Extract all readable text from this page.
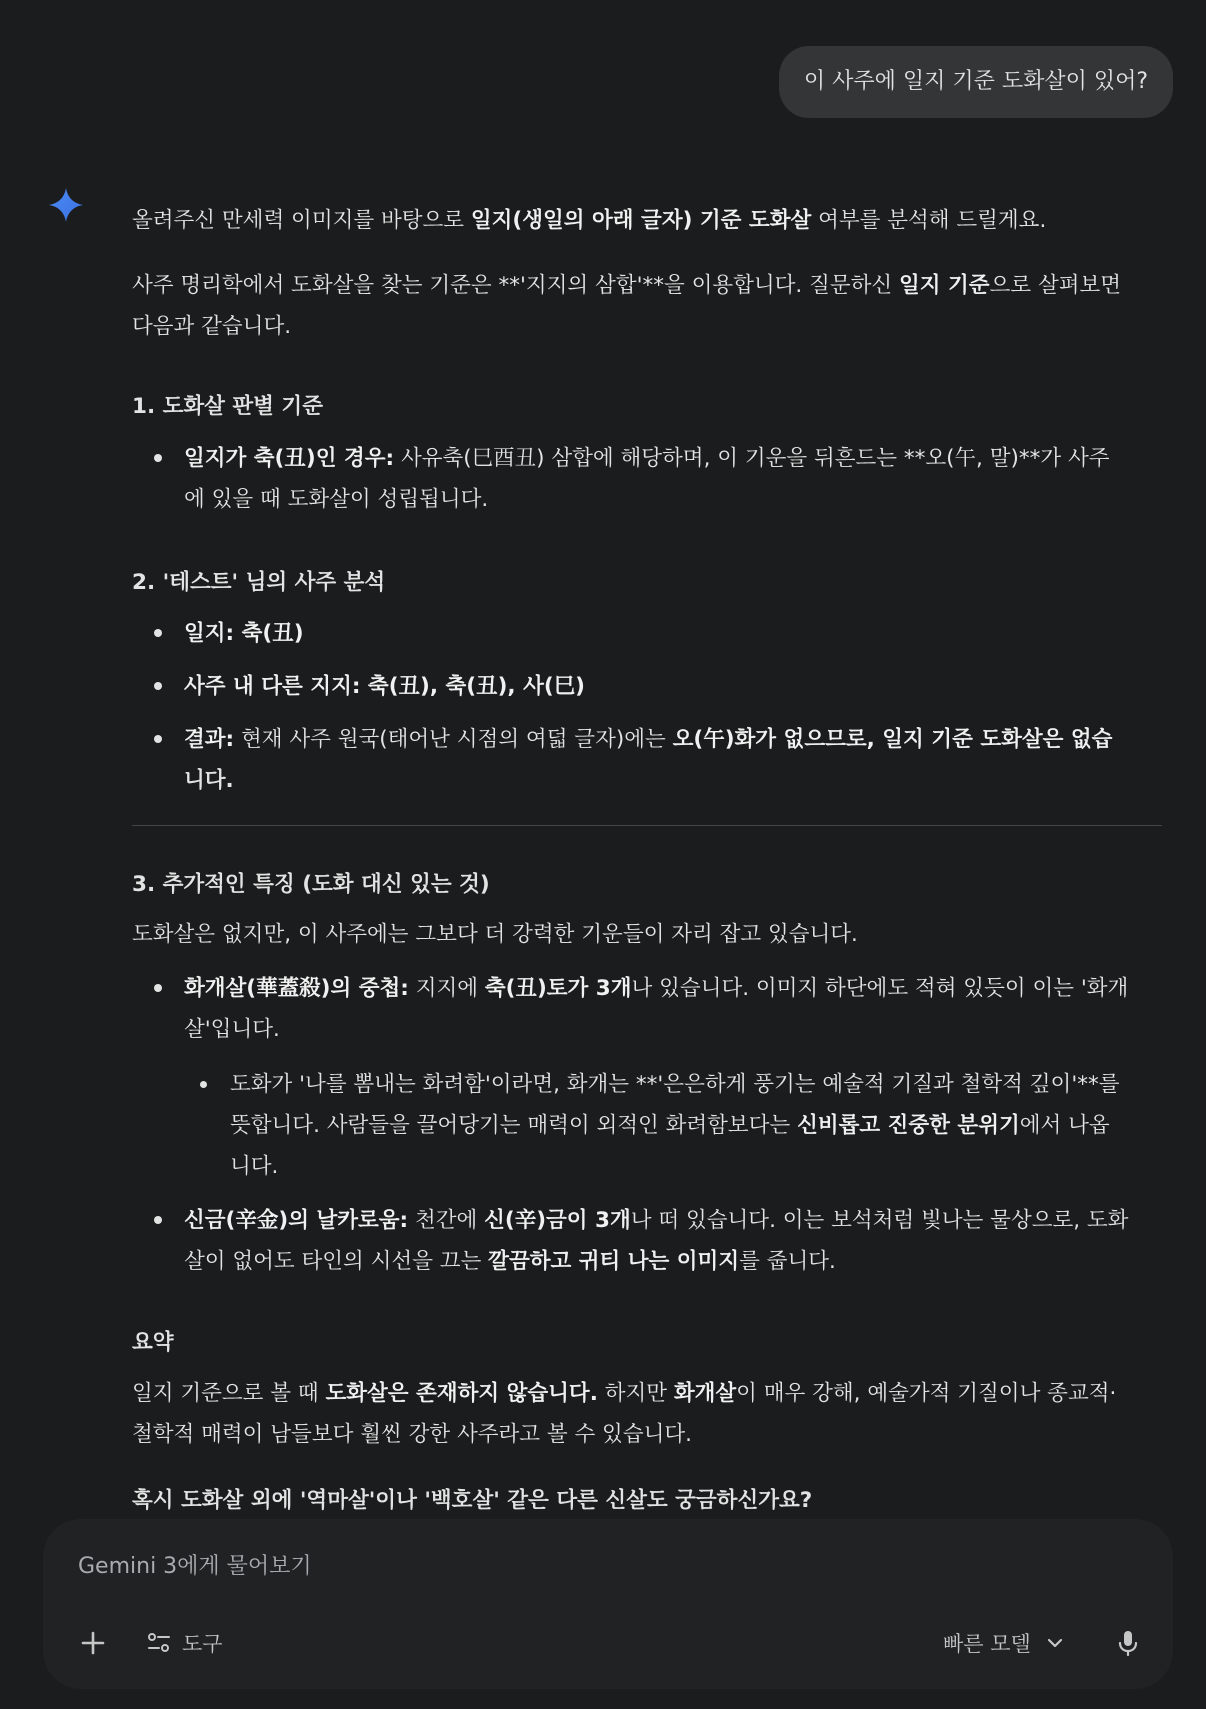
이 사주에 일지 기준 도화살이 있어?
올려주신 만세력 이미지를 바탕으로 일지(생일의 아래 글자) 기준 도화살 여부를 분석해 드릴게요.
사주 명리학에서 도화살을 찾는 기준은 **'지지의 삼합'**을 이용합니다. 질문하신 일지 기준으로 살펴보면
다음과 같습니다.
1. 도화살 판별 기준
일지가 축(丑)인 경우: 사유축(巳酉丑) 삼합에 해당하며, 이 기운을 뒤흔드는 **오(午, 말)**가 사주
에 있을 때 도화살이 성립됩니다.
2. '테스트' 님의 사주 분석
일지: 축(丑)
사주 내 다른 지지: 축(丑), 축(丑), 사(巳)
결과: 현재 사주 원국(태어난 시점의 여덟 글자)에는 오(午)화가 없으므로, 일지 기준 도화살은 없습
니다.
3. 추가적인 특징 (도화 대신 있는 것)
도화살은 없지만, 이 사주에는 그보다 더 강력한 기운들이 자리 잡고 있습니다.
화개살(華蓋殺)의 중첩: 지지에 축(丑)토가 3개나 있습니다. 이미지 하단에도 적혀 있듯이 이는 '화개
살'입니다.
도화가 '나를 뽐내는 화려함'이라면, 화개는 **'은은하게 풍기는 예술적 기질과 철학적 깊이'**를
뜻합니다. 사람들을 끌어당기는 매력이 외적인 화려함보다는 신비롭고 진중한 분위기에서 나옵
니다.
신금(辛金)의 날카로움: 천간에 신(辛)금이 3개나 떠 있습니다. 이는 보석처럼 빛나는 물상으로, 도화
살이 없어도 타인의 시선을 끄는 깔끔하고 귀티 나는 이미지를 줍니다.
요약
일지 기준으로 볼 때 도화살은 존재하지 않습니다. 하지만 화개살이 매우 강해, 예술가적 기질이나 종교적·
철학적 매력이 남들보다 훨씬 강한 사주라고 볼 수 있습니다.
혹시 도화살 외에 '역마살'이나 '백호살' 같은 다른 신살도 궁금하신가요?
Gemini 3에게 물어보기
도구	빠른 모델
